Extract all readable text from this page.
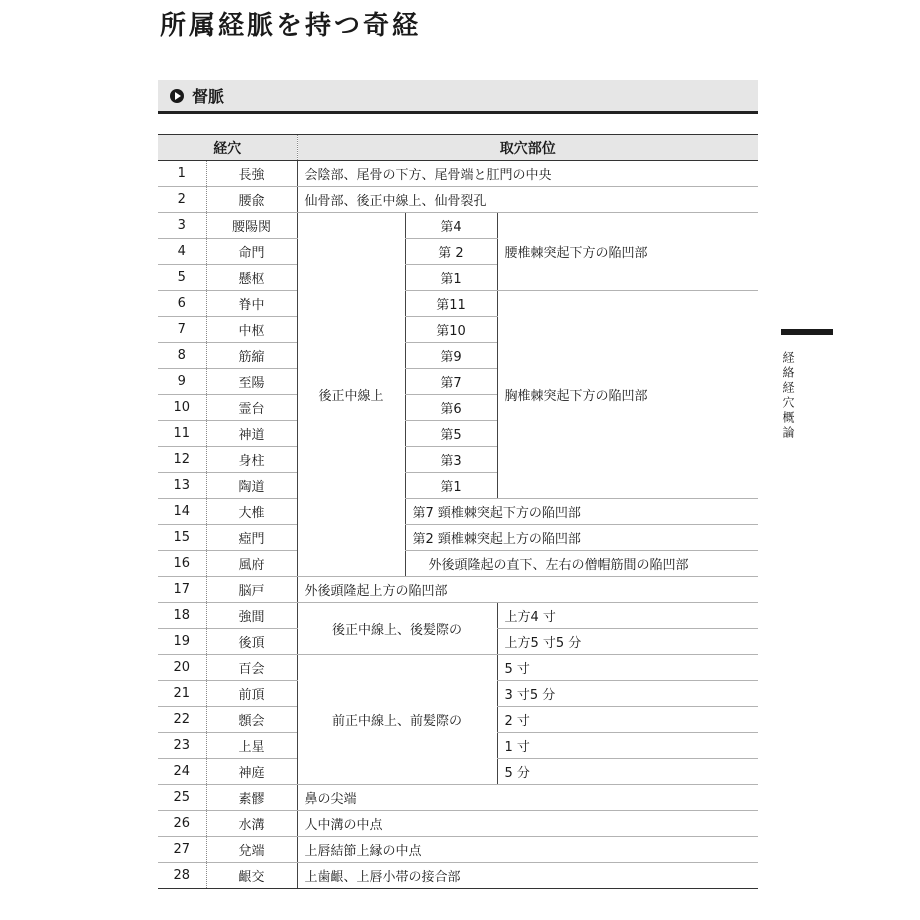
所属経脈を持つ奇経
督脈
経穴		取穴部位		
1	長強	会陰部、尾骨の下方、尾骨端と肛門の中央		
2	腰兪	仙骨部、後正中線上、仙骨裂孔		
3	腰陽関	後正中線上	第4	腰椎棘突起下方の陥凹部
4	命門		第 2	
5	懸枢		第1	
6	脊中		第11	胸椎棘突起下方の陥凹部
7	中枢		第10	
8	筋縮		第9	
9	至陽		第7	
10	霊台		第6	
11	神道		第5	
12	身柱		第3	
13	陶道		第1	
14	大椎		第7 頸椎棘突起下方の陥凹部	
15	瘂門		第2 頸椎棘突起上方の陥凹部	
16	風府		外後頭隆起の直下、左右の僧帽筋間の陥凹部	
17	脳戸	外後頭隆起上方の陥凹部		
18	強間	後正中線上、後髪際の		上方4 寸
19	後頂			上方5 寸5 分
20	百会	前正中線上、前髪際の		5 寸
21	前頂			3 寸5 分
22	顖会			2 寸
23	上星			1 寸
24	神庭			5 分
25	素髎	鼻の尖端		
26	水溝	人中溝の中点		
27	兌端	上唇結節上縁の中点		
28	齦交	上歯齦、上唇小帯の接合部		
経絡経穴概論
